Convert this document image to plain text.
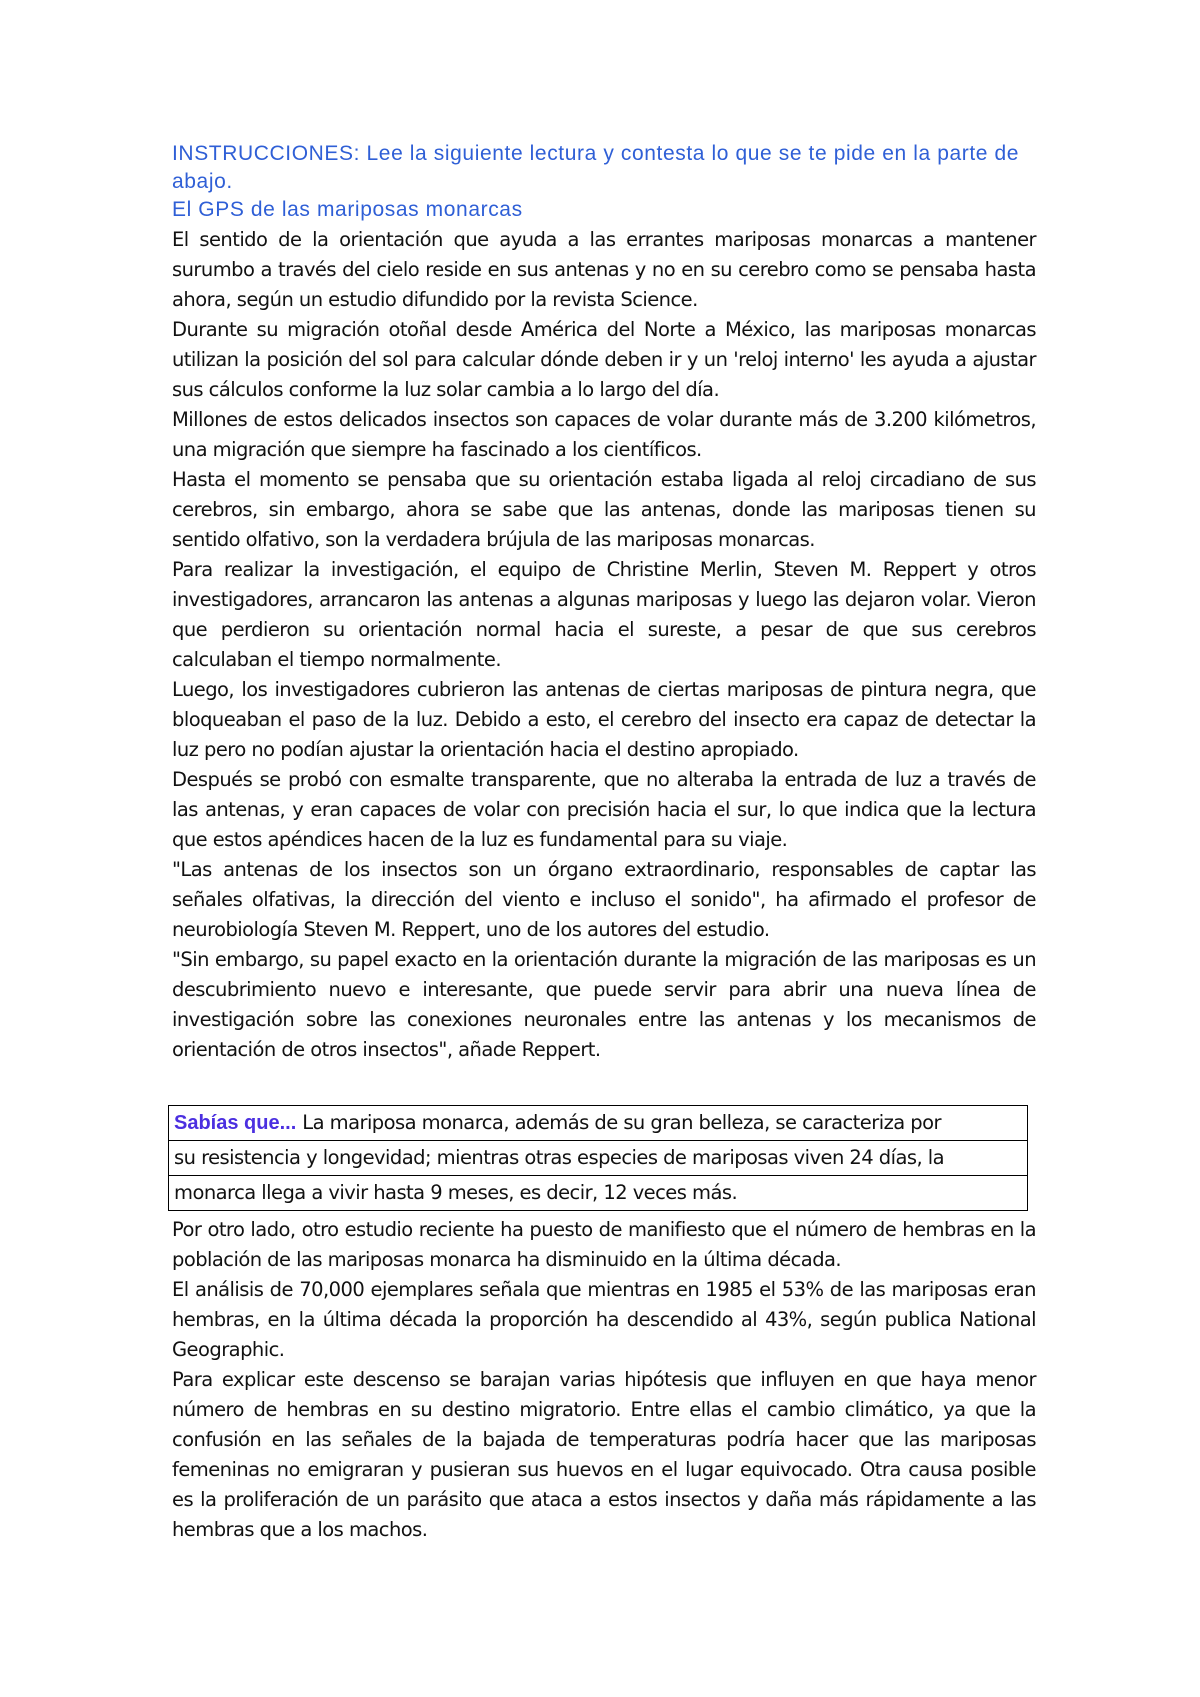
INSTRUCCIONES: Lee la siguiente lectura y contesta lo que se te pide en la parte de abajo.

El GPS de las mariposas monarcas

El sentido de la orientación que ayuda a las errantes mariposas monarcas a mantener surumbo a través del cielo reside en sus antenas y no en su cerebro como se pensaba hasta ahora, según un estudio difundido por la revista Science.

Durante su migración otoñal desde América del Norte a México, las mariposas monarcas utilizan la posición del sol para calcular dónde deben ir y un 'reloj interno' les ayuda a ajustar sus cálculos conforme la luz solar cambia a lo largo del día.

Millones de estos delicados insectos son capaces de volar durante más de 3.200 kilómetros, una migración que siempre ha fascinado a los científicos.

Hasta el momento se pensaba que su orientación estaba ligada al reloj circadiano de sus cerebros, sin embargo, ahora se sabe que las antenas, donde las mariposas tienen su sentido olfativo, son la verdadera brújula de las mariposas monarcas.

Para realizar la investigación, el equipo de Christine Merlin, Steven M. Reppert y otros investigadores, arrancaron las antenas a algunas mariposas y luego las dejaron volar. Vieron que perdieron su orientación normal hacia el sureste, a pesar de que sus cerebros calculaban el tiempo normalmente.

Luego, los investigadores cubrieron las antenas de ciertas mariposas de pintura negra, que bloqueaban el paso de la luz. Debido a esto, el cerebro del insecto era capaz de detectar la luz pero no podían ajustar la orientación hacia el destino apropiado.

Después se probó con esmalte transparente, que no alteraba la entrada de luz a través de las antenas, y eran capaces de volar con precisión hacia el sur, lo que indica que la lectura que estos apéndices hacen de la luz es fundamental para su viaje.

"Las antenas de los insectos son un órgano extraordinario, responsables de captar las señales olfativas, la dirección del viento e incluso el sonido", ha afirmado el profesor de neurobiología Steven M. Reppert, uno de los autores del estudio.

"Sin embargo, su papel exacto en la orientación durante la migración de las mariposas es un descubrimiento nuevo e interesante, que puede servir para abrir una nueva línea de investigación sobre las conexiones neuronales entre las antenas y los mecanismos de orientación de otros insectos", añade Reppert.

Sabías que... La mariposa monarca, además de su gran belleza, se caracteriza por
su resistencia y longevidad; mientras otras especies de mariposas viven 24 días, la
monarca llega a vivir hasta 9 meses, es decir, 12 veces más.

Por otro lado, otro estudio reciente ha puesto de manifiesto que el número de hembras en la población de las mariposas monarca ha disminuido en la última década.

El análisis de 70,000 ejemplares señala que mientras en 1985 el 53% de las mariposas eran hembras, en la última década la proporción ha descendido al 43%, según publica National Geographic.

Para explicar este descenso se barajan varias hipótesis que influyen en que haya menor número de hembras en su destino migratorio. Entre ellas el cambio climático, ya que la confusión en las señales de la bajada de temperaturas podría hacer que las mariposas femeninas no emigraran y pusieran sus huevos en el lugar equivocado. Otra causa posible es la proliferación de un parásito que ataca a estos insectos y daña más rápidamente a las hembras que a los machos.
